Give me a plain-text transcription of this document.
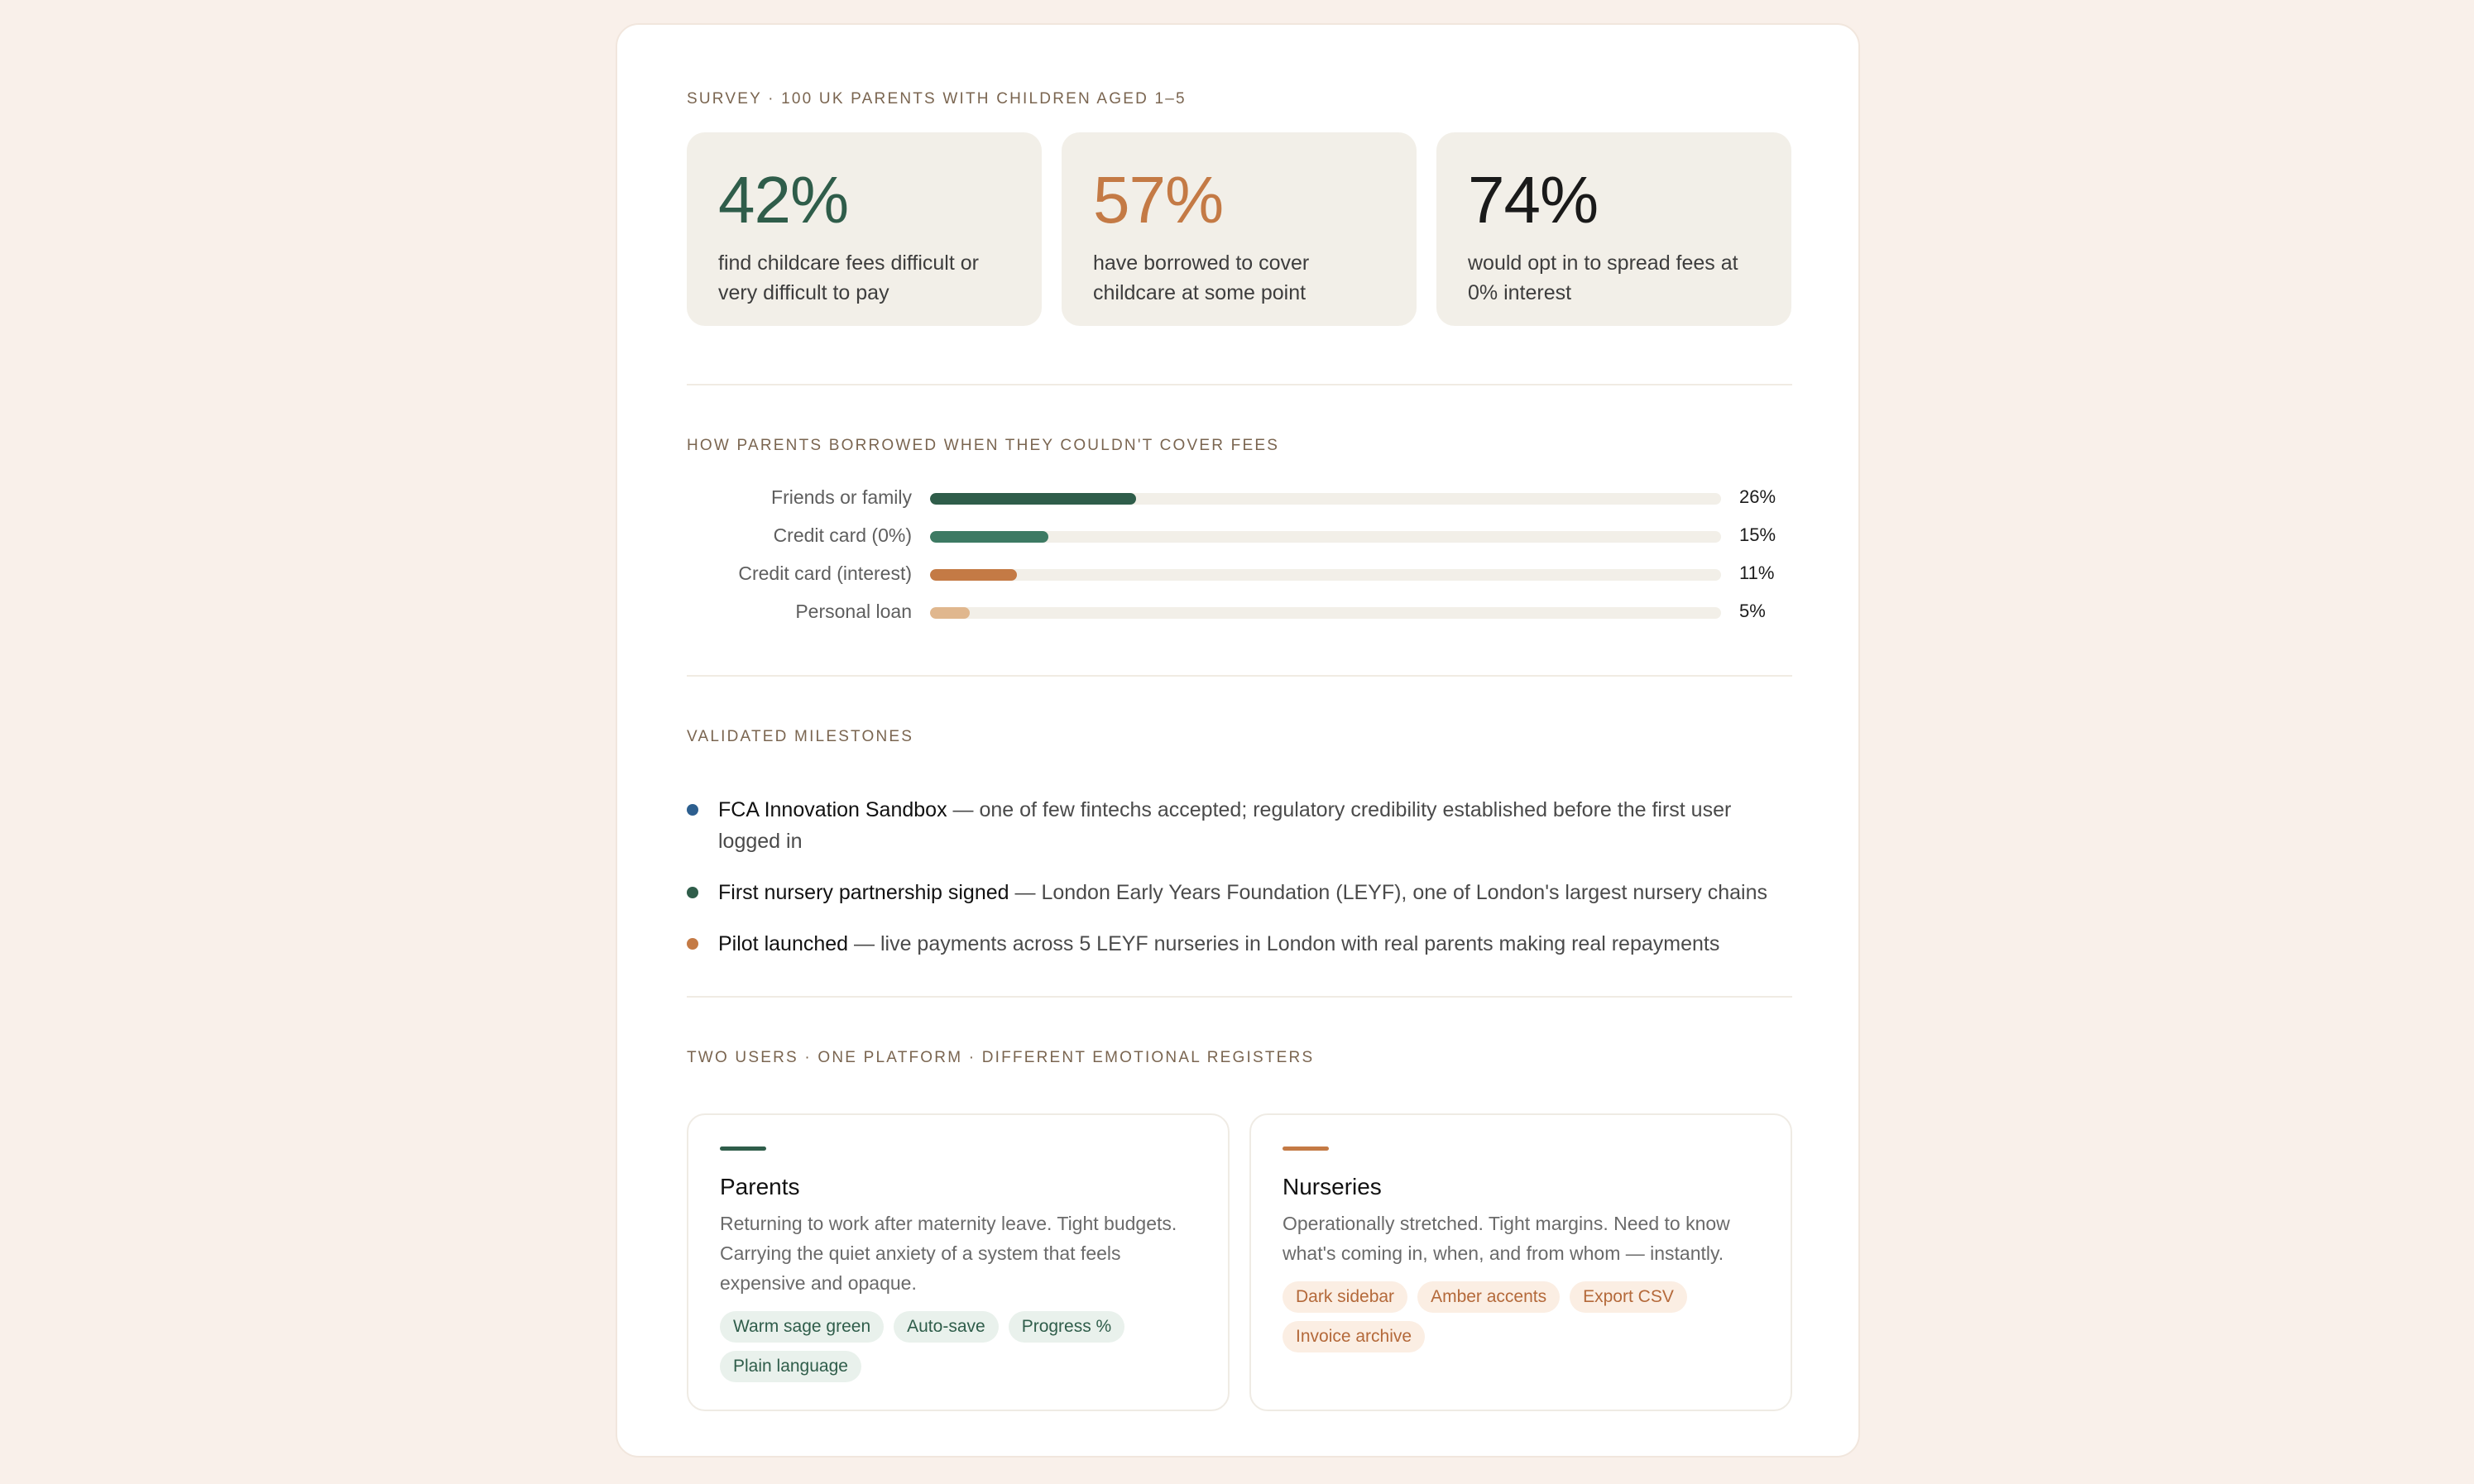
SURVEY · 100 UK PARENTS WITH CHILDREN AGED 1–5
42%
find childcare fees difficult or very difficult to pay
57%
have borrowed to cover childcare at some point
74%
would opt in to spread fees at 0% interest
HOW PARENTS BORROWED WHEN THEY COULDN'T COVER FEES
Friends or family	26%
Credit card (0%)	15%
Credit card (interest)	11%
Personal loan	5%
VALIDATED MILESTONES
FCA Innovation Sandbox — one of few fintechs accepted; regulatory credibility established before the first user logged in
First nursery partnership signed — London Early Years Foundation (LEYF), one of London's largest nursery chains
Pilot launched — live payments across 5 LEYF nurseries in London with real parents making real repayments
TWO USERS · ONE PLATFORM · DIFFERENT EMOTIONAL REGISTERS
Parents
Returning to work after maternity leave. Tight budgets. Carrying the quiet anxiety of a system that feels expensive and opaque.
Warm sage green	Auto-save	Progress %
Plain language
Nurseries
Operationally stretched. Tight margins. Need to know what's coming in, when, and from whom — instantly.
Dark sidebar	Amber accents	Export CSV
Invoice archive
